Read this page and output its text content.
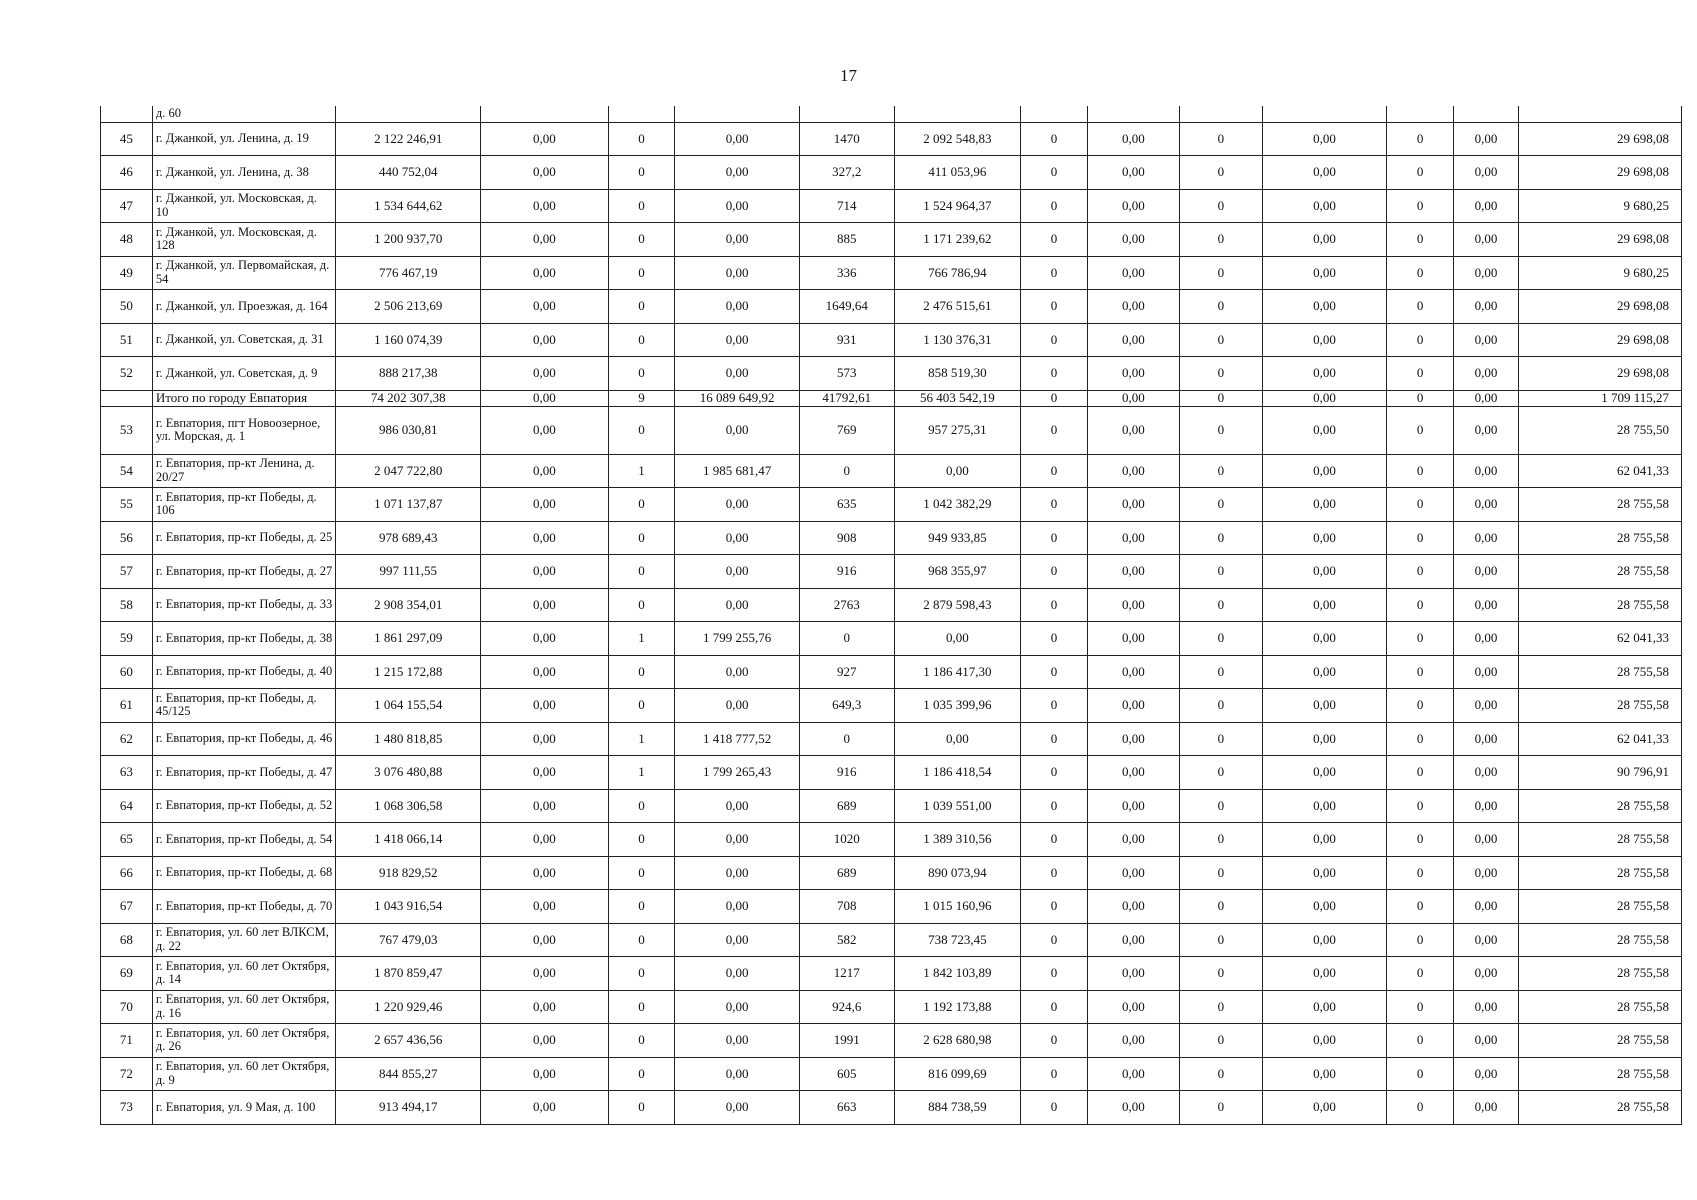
17
	д. 60													
45	г. Джанкой, ул. Ленина, д. 19	2 122 246,91	0,00	0	0,00	1470	2 092 548,83	0	0,00	0	0,00	0	0,00	29 698,08
46	г. Джанкой, ул. Ленина, д. 38	440 752,04	0,00	0	0,00	327,2	411 053,96	0	0,00	0	0,00	0	0,00	29 698,08
47	г. Джанкой, ул. Московская, д. 10	1 534 644,62	0,00	0	0,00	714	1 524 964,37	0	0,00	0	0,00	0	0,00	9 680,25
48	г. Джанкой, ул. Московская, д. 128	1 200 937,70	0,00	0	0,00	885	1 171 239,62	0	0,00	0	0,00	0	0,00	29 698,08
49	г. Джанкой, ул. Первомайская, д. 54	776 467,19	0,00	0	0,00	336	766 786,94	0	0,00	0	0,00	0	0,00	9 680,25
50	г. Джанкой, ул. Проезжая, д. 164	2 506 213,69	0,00	0	0,00	1649,64	2 476 515,61	0	0,00	0	0,00	0	0,00	29 698,08
51	г. Джанкой, ул. Советская, д. 31	1 160 074,39	0,00	0	0,00	931	1 130 376,31	0	0,00	0	0,00	0	0,00	29 698,08
52	г. Джанкой, ул. Советская, д. 9	888 217,38	0,00	0	0,00	573	858 519,30	0	0,00	0	0,00	0	0,00	29 698,08
	Итого по городу Евпатория	74 202 307,38	0,00	9	16 089 649,92	41792,61	56 403 542,19	0	0,00	0	0,00	0	0,00	1 709 115,27
53	г. Евпатория, пгт Новоозерное, ул. Морская, д. 1	986 030,81	0,00	0	0,00	769	957 275,31	0	0,00	0	0,00	0	0,00	28 755,50
54	г. Евпатория, пр-кт Ленина, д. 20/27	2 047 722,80	0,00	1	1 985 681,47	0	0,00	0	0,00	0	0,00	0	0,00	62 041,33
55	г. Евпатория, пр-кт Победы, д. 106	1 071 137,87	0,00	0	0,00	635	1 042 382,29	0	0,00	0	0,00	0	0,00	28 755,58
56	г. Евпатория, пр-кт Победы, д. 25	978 689,43	0,00	0	0,00	908	949 933,85	0	0,00	0	0,00	0	0,00	28 755,58
57	г. Евпатория, пр-кт Победы, д. 27	997 111,55	0,00	0	0,00	916	968 355,97	0	0,00	0	0,00	0	0,00	28 755,58
58	г. Евпатория, пр-кт Победы, д. 33	2 908 354,01	0,00	0	0,00	2763	2 879 598,43	0	0,00	0	0,00	0	0,00	28 755,58
59	г. Евпатория, пр-кт Победы, д. 38	1 861 297,09	0,00	1	1 799 255,76	0	0,00	0	0,00	0	0,00	0	0,00	62 041,33
60	г. Евпатория, пр-кт Победы, д. 40	1 215 172,88	0,00	0	0,00	927	1 186 417,30	0	0,00	0	0,00	0	0,00	28 755,58
61	г. Евпатория, пр-кт Победы, д. 45/125	1 064 155,54	0,00	0	0,00	649,3	1 035 399,96	0	0,00	0	0,00	0	0,00	28 755,58
62	г. Евпатория, пр-кт Победы, д. 46	1 480 818,85	0,00	1	1 418 777,52	0	0,00	0	0,00	0	0,00	0	0,00	62 041,33
63	г. Евпатория, пр-кт Победы, д. 47	3 076 480,88	0,00	1	1 799 265,43	916	1 186 418,54	0	0,00	0	0,00	0	0,00	90 796,91
64	г. Евпатория, пр-кт Победы, д. 52	1 068 306,58	0,00	0	0,00	689	1 039 551,00	0	0,00	0	0,00	0	0,00	28 755,58
65	г. Евпатория, пр-кт Победы, д. 54	1 418 066,14	0,00	0	0,00	1020	1 389 310,56	0	0,00	0	0,00	0	0,00	28 755,58
66	г. Евпатория, пр-кт Победы, д. 68	918 829,52	0,00	0	0,00	689	890 073,94	0	0,00	0	0,00	0	0,00	28 755,58
67	г. Евпатория, пр-кт Победы, д. 70	1 043 916,54	0,00	0	0,00	708	1 015 160,96	0	0,00	0	0,00	0	0,00	28 755,58
68	г. Евпатория, ул. 60 лет ВЛКСМ, д. 22	767 479,03	0,00	0	0,00	582	738 723,45	0	0,00	0	0,00	0	0,00	28 755,58
69	г. Евпатория, ул. 60 лет Октября, д. 14	1 870 859,47	0,00	0	0,00	1217	1 842 103,89	0	0,00	0	0,00	0	0,00	28 755,58
70	г. Евпатория, ул. 60 лет Октября, д. 16	1 220 929,46	0,00	0	0,00	924,6	1 192 173,88	0	0,00	0	0,00	0	0,00	28 755,58
71	г. Евпатория, ул. 60 лет Октября, д. 26	2 657 436,56	0,00	0	0,00	1991	2 628 680,98	0	0,00	0	0,00	0	0,00	28 755,58
72	г. Евпатория, ул. 60 лет Октября, д. 9	844 855,27	0,00	0	0,00	605	816 099,69	0	0,00	0	0,00	0	0,00	28 755,58
73	г. Евпатория, ул. 9 Мая, д. 100	913 494,17	0,00	0	0,00	663	884 738,59	0	0,00	0	0,00	0	0,00	28 755,58
